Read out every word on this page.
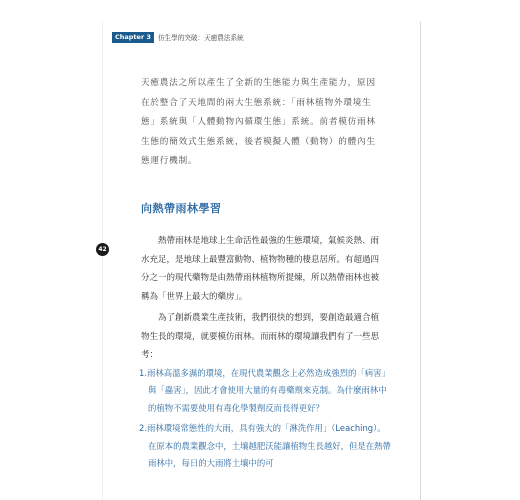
Chapter 3	仿生學的突破：天癒農法系統

天癒農法之所以產生了全新的生態能力與生產能力，原因在於整合了天地間的兩大生態系統：「雨林植物外環境生態」系統與「人體動物內循環生態」系統。前者模仿雨林生態的簡效式生態系統，後者模擬人體（動物）的體內生態運行機制。

向熱帶雨林學習

熱帶雨林是地球上生命活性最強的生態環境，氣候炎熱、雨水充足，是地球上最豐富動物、植物物種的棲息居所。有超過四分之一的現代藥物是由熱帶雨林植物所提煉，所以熱帶雨林也被稱為「世界上最大的藥房」。

為了創新農業生產技術，我們很快的想到，要創造最適合植物生長的環境，就要模仿雨林。而雨林的環境讓我們有了一些思考：

1.雨林高溫多濕的環境，在現代農業觀念上必然造成強烈的「病害」與「蟲害」，因此才會使用大量的有毒藥劑來克制。為什麼雨林中的植物不需要使用有毒化學製劑反而長得更好？
2.雨林環境常態性的大雨，具有強大的「淋洗作用」（Leaching）。在原本的農業觀念中，土壤越肥沃能讓植物生長越好，但是在熱帶雨林中，每日的大雨將土壤中的可
42
